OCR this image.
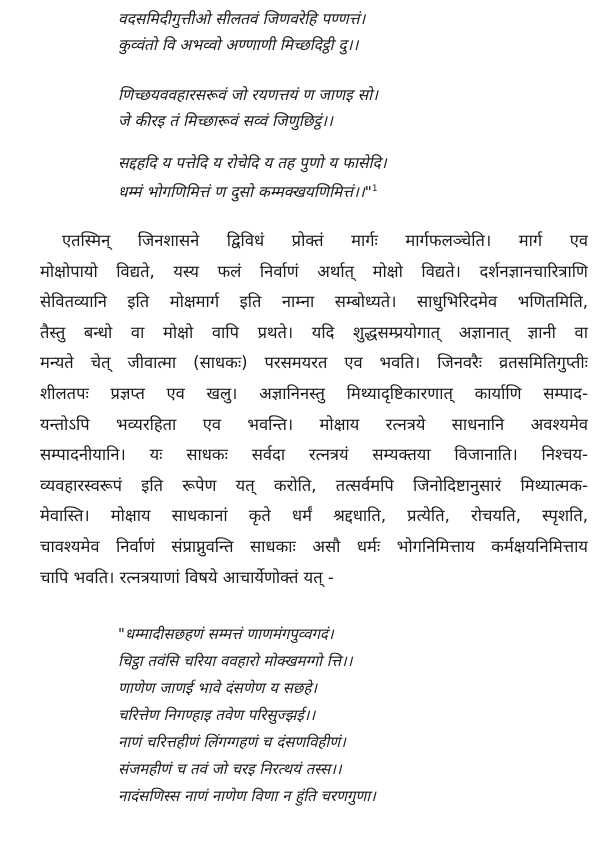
वदसमिदीगुत्तीओ सीलतवं जिणवरेहि पण्णत्तं।
कुव्वंतो वि अभव्वो अण्णाणी मिच्छदिट्ठी दु।।
णिच्छयववहारसरूवं जो रयणत्तयं ण जाणइ सो।
जे कीरइ तं मिच्छारूवं सव्वं जिणुछिट्ठं।।
सद्दहदि य पत्तेदि य रोचेदि य तह पुणो य फासेदि।
धम्मं भोगणिमित्तं ण दुसो कम्मक्खयणिमित्तं।।"$^1$
एतस्मिन् जिनशासने द्विविधं प्रोक्तं मार्गः मार्गफलञ्चेति। मार्ग एव
मोक्षोपायो विद्यते, यस्य फलं निर्वाणं अर्थात् मोक्षो विद्यते। दर्शनज्ञानचारित्राणि
सेवितव्यानि इति मोक्षमार्ग इति नाम्ना सम्बोध्यते। साधुभिरिदमेव भणितमिति,
तैस्तु बन्धो वा मोक्षो वापि प्रथते। यदि शुद्धसम्प्रयोगात् अज्ञानात् ज्ञानी वा
मन्यते चेत् जीवात्मा (साधकः) परसमयरत एव भवति। जिनवरैः व्रतसमितिगुप्तीः
शीलतपः प्रज्ञप्त एव खलु। अज्ञानिनस्तु मिथ्यादृष्टिकारणात् कार्याणि सम्पाद-
यन्तोऽपि भव्यरहिता एव भवन्ति। मोक्षाय रत्नत्रये साधनानि अवश्यमेव
सम्पादनीयानि। यः साधकः सर्वदा रत्नत्रयं सम्यक्तया विजानाति। निश्चय-
व्यवहारस्वरूपं इति रूपेण यत् करोति, तत्सर्वमपि जिनोदिष्टानुसारं मिथ्यात्मक-
मेवास्ति। मोक्षाय साधकानां कृते धर्मं श्रद्दधाति, प्रत्येति, रोचयति, स्पृशति,
चावश्यमेव निर्वाणं संप्राप्नुवन्ति साधकाः असौ धर्मः भोगनिमित्ताय कर्मक्षयनिमित्ताय
चापि भवति। रत्नत्रयाणां विषये आचार्येणोक्तं यत् -
"धम्मादीसछहणं सम्मत्तं णाणमंगपुव्वगदं।
चिट्ठा तवंसि चरिया ववहारो मोक्खमग्गो त्ति।।
णाणेण जाणई भावे दंसणेण य सछहे।
चरित्तेण निगण्हाइ तवेण परिसुज्झई।।
नाणं चरित्तहीणं लिंगग्गहणं च दंसणविहीणं।
संजमहीणं च तवं जो चरइ निरत्थयं तस्स।।
नादंसणिस्स नाणं नाणेण विणा न हुंति चरणगुणा।
